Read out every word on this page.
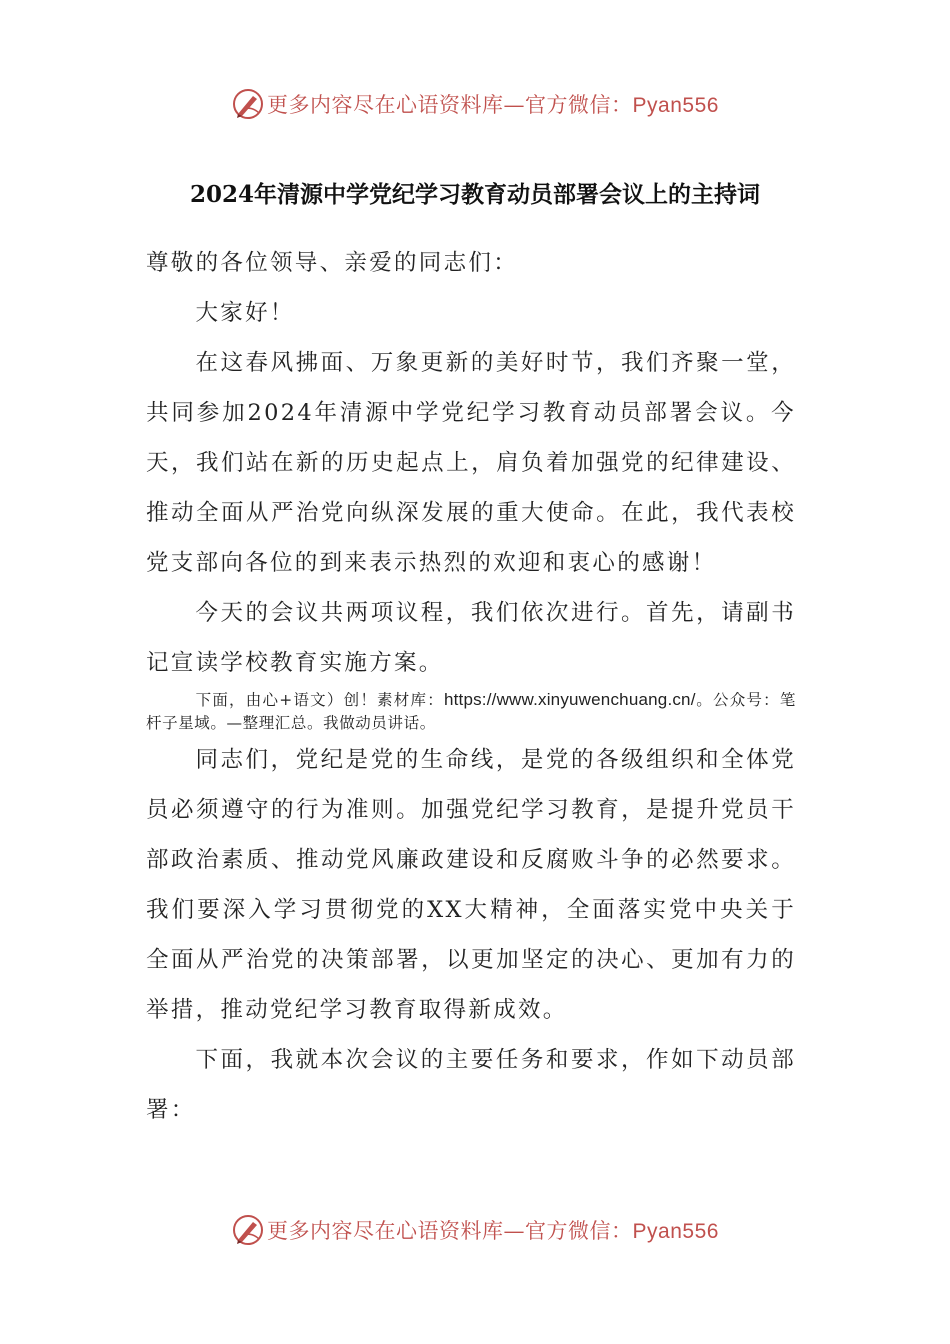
更多内容尽在心语资料库—官方微信：Pyan556
2024年清源中学党纪学习教育动员部署会议上的主持词

尊敬的各位领导、亲爱的同志们：

大家好！

在这春风拂面、万象更新的美好时节，我们齐聚一堂，共同参加2024年清源中学党纪学习教育动员部署会议。今天，我们站在新的历史起点上，肩负着加强党的纪律建设、推动全面从严治党向纵深发展的重大使命。在此，我代表校党支部向各位的到来表示热烈的欢迎和衷心的感谢！

今天的会议共两项议程，我们依次进行。首先，请副书记宣读学校教育实施方案。

下面，由心+语文）创！素材库：https://www.xinyuwenchuang.cn/。公众号：笔杆子星域。—整理汇总。我做动员讲话。

同志们，党纪是党的生命线，是党的各级组织和全体党员必须遵守的行为准则。加强党纪学习教育，是提升党员干部政治素质、推动党风廉政建设和反腐败斗争的必然要求。我们要深入学习贯彻党的XX大精神，全面落实党中央关于全面从严治党的决策部署，以更加坚定的决心、更加有力的举措，推动党纪学习教育取得新成效。

下面，我就本次会议的主要任务和要求，作如下动员部署：

更多内容尽在心语资料库—官方微信：Pyan556
